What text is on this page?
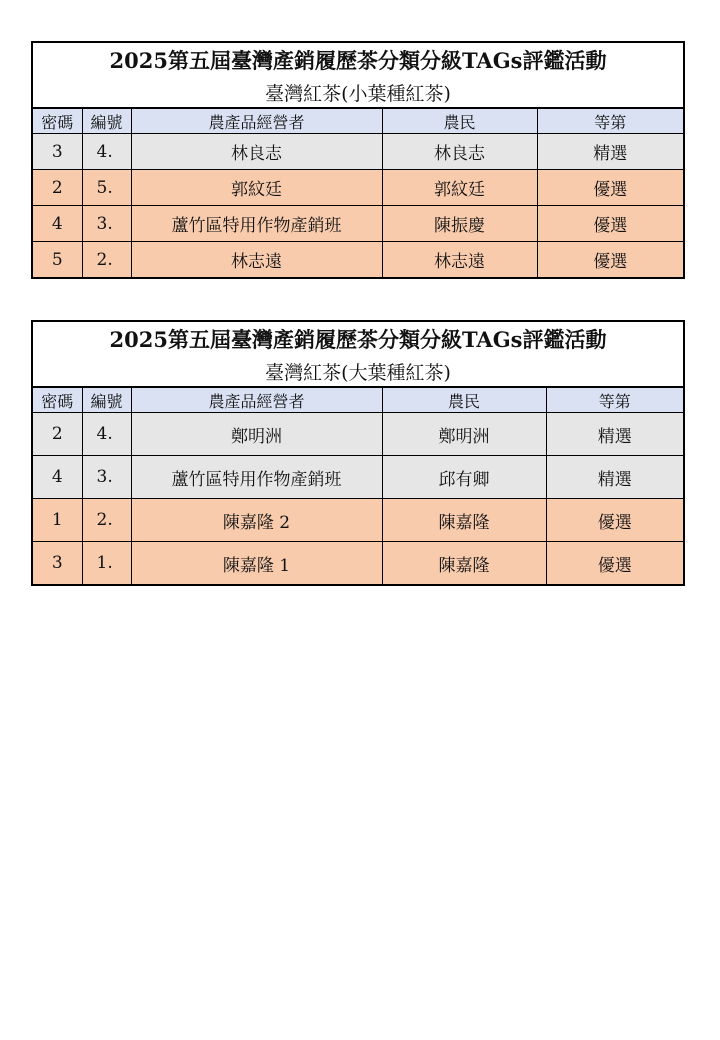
2025第五屆臺灣產銷履歷茶分類分級TAGs評鑑活動				
臺灣紅茶(小葉種紅茶)				
密碼	編號	農產品經營者	農民	等第
3	4.	林良志	林良志	精選
2	5.	郭紋廷	郭紋廷	優選
4	3.	蘆竹區特用作物產銷班	陳振慶	優選
5	2.	林志遠	林志遠	優選
2025第五屆臺灣產銷履歷茶分類分級TAGs評鑑活動				
臺灣紅茶(大葉種紅茶)				
密碼	編號	農產品經營者	農民	等第
2	4.	鄭明洲	鄭明洲	精選
4	3.	蘆竹區特用作物產銷班	邱有卿	精選
1	2.	陳嘉隆 2	陳嘉隆	優選
3	1.	陳嘉隆 1	陳嘉隆	優選
